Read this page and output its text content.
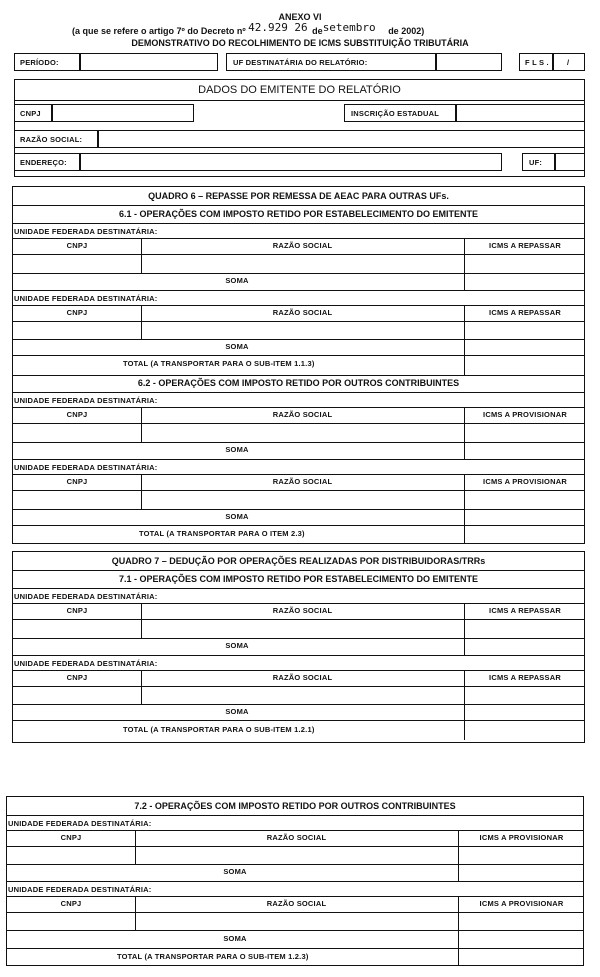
ANEXO VI
(a que se refere o artigo 7º do Decreto nº 42.929 26 desetembro de 2002)
DEMONSTRATIVO DO RECOLHIMENTO DE ICMS SUBSTITUIÇÃO TRIBUTÁRIA
PERÍODO:	UF DESTINATÁRIA DO RELATÓRIO:	F L S . /
DADOS DO EMITENTE DO RELATÓRIO
CNPJ	INSCRIÇÃO ESTADUAL
RAZÃO SOCIAL:
ENDEREÇO:	UF:
QUADRO 6 – REPASSE POR REMESSA DE AEAC PARA OUTRAS UFs.
6.1 - OPERAÇÕES COM IMPOSTO RETIDO POR ESTABELECIMENTO DO EMITENTE
UNIDADE FEDERADA DESTINATÁRIA:
CNPJ	RAZÃO SOCIAL	ICMS A REPASSAR
SOMA
UNIDADE FEDERADA DESTINATÁRIA:
CNPJ	RAZÃO SOCIAL	ICMS A REPASSAR
SOMA
TOTAL (A TRANSPORTAR PARA O SUB-ITEM 1.1.3)
6.2 - OPERAÇÕES COM IMPOSTO RETIDO POR OUTROS CONTRIBUINTES
UNIDADE FEDERADA DESTINATÁRIA:
CNPJ	RAZÃO SOCIAL	ICMS A PROVISIONAR
SOMA
UNIDADE FEDERADA DESTINATÁRIA:
CNPJ	RAZÃO SOCIAL	ICMS A PROVISIONAR
SOMA
TOTAL (A TRANSPORTAR PARA O ITEM 2.3)
QUADRO 7 – DEDUÇÃO POR OPERAÇÕES REALIZADAS POR DISTRIBUIDORAS/TRRs
7.1 - OPERAÇÕES COM IMPOSTO RETIDO POR ESTABELECIMENTO DO EMITENTE
UNIDADE FEDERADA DESTINATÁRIA:
CNPJ	RAZÃO SOCIAL	ICMS A REPASSAR
SOMA
UNIDADE FEDERADA DESTINATÁRIA:
CNPJ	RAZÃO SOCIAL	ICMS A REPASSAR
SOMA
TOTAL (A TRANSPORTAR PARA O SUB-ITEM 1.2.1)
7.2 - OPERAÇÕES COM IMPOSTO RETIDO POR OUTROS CONTRIBUINTES
UNIDADE FEDERADA DESTINATÁRIA:
CNPJ	RAZÃO SOCIAL	ICMS A PROVISIONAR
SOMA
UNIDADE FEDERADA DESTINATÁRIA:
CNPJ	RAZÃO SOCIAL	ICMS A PROVISIONAR
SOMA
TOTAL (A TRANSPORTAR PARA O SUB-ITEM 1.2.3)
